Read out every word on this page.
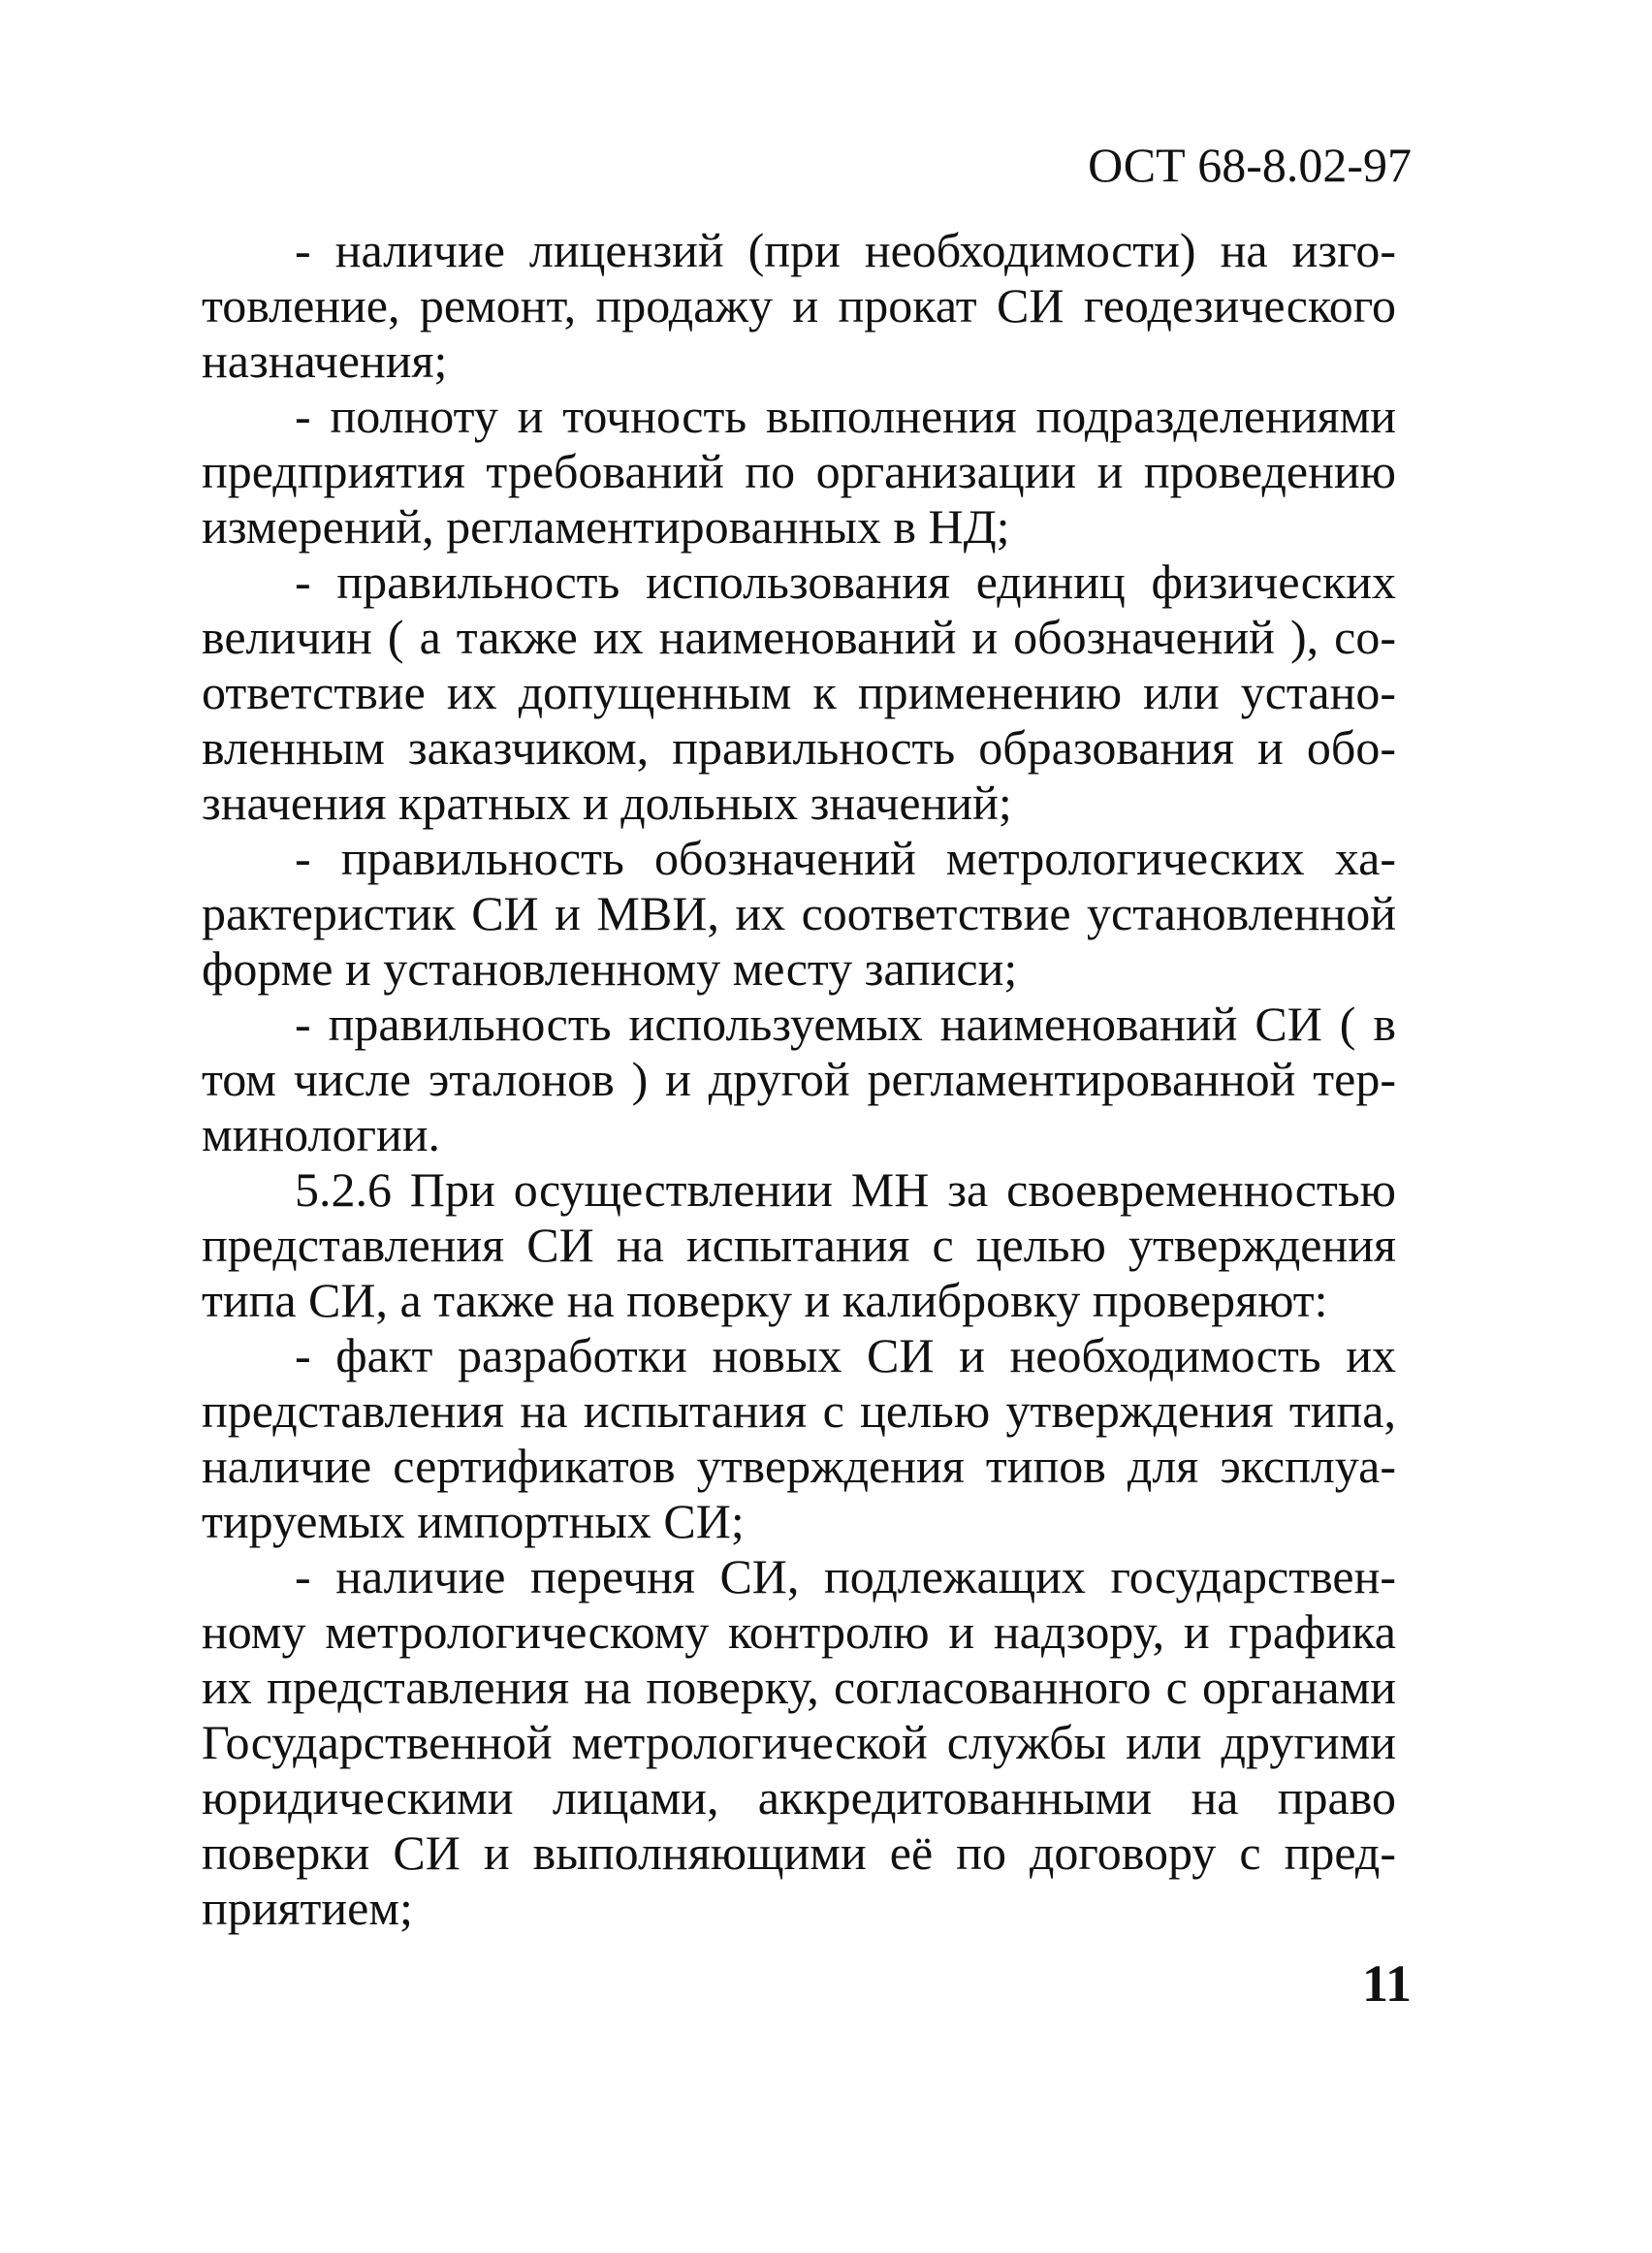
ОСТ 68-8.02-97

- наличие лицензий (при необходимости) на изготовление, ремонт, продажу и прокат СИ геодезического назначения;

- полноту и точность выполнения подразделениями предприятия требований по организации и проведению измерений, регламентированных в НД;

- правильность использования единиц физических величин ( а также их наименований и обозначений ), соответствие их допущенным к применению или установленным заказчиком, правильность образования и обозначения кратных и дольных значений;

- правильность обозначений метрологических характеристик СИ и МВИ, их соответствие установленной форме и установленному месту записи;

- правильность используемых наименований СИ ( в том числе эталонов ) и другой регламентированной терминологии.

5.2.6 При осуществлении МН за своевременностью представления СИ на испытания с целью утверждения типа СИ, а также на поверку и калибровку проверяют:

- факт разработки новых СИ и необходимость их представления на испытания с целью утверждения типа, наличие сертификатов утверждения типов для эксплуатируемых импортных СИ;

- наличие перечня СИ, подлежащих государственному метрологическому контролю и надзору, и графика их представления на поверку, согласованного с органами Государственной метрологической службы или другими юридическими лицами, аккредитованными на право поверки СИ и выполняющими её по договору с предприятием;

11
